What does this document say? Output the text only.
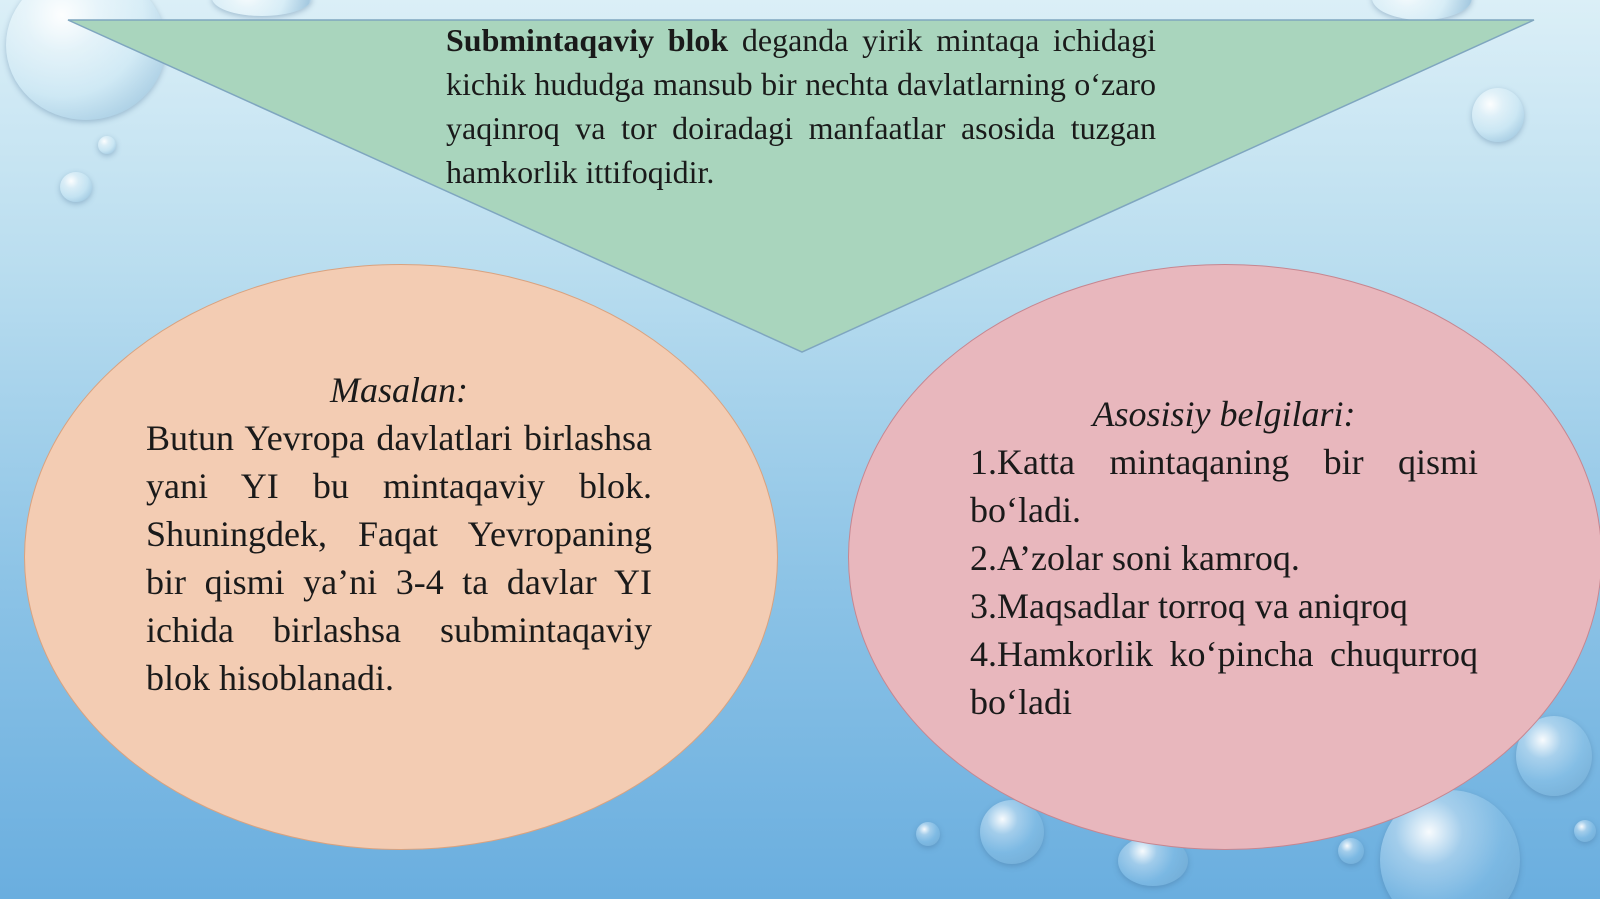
Submintaqaviy blok deganda yirik mintaqa ichidagi kichik hududga mansub bir nechta davlatlarning o‘zaro yaqinroq va tor doiradagi manfaatlar asosida tuzgan hamkorlik ittifoqidir.
Masalan:
Butun Yevropa davlatlari birlashsa yani YI bu mintaqaviy blok. Shuningdek, Faqat Yevropaning bir qismi ya’ni 3-4 ta davlar YI ichida birlashsa submintaqaviy blok hisoblanadi.
Asosisiy belgilari:
1.Katta mintaqaning bir qismi bo‘ladi.
2.A’zolar soni kamroq.
3.Maqsadlar torroq va aniqroq
4.Hamkorlik ko‘pincha chuqurroq bo‘ladi
